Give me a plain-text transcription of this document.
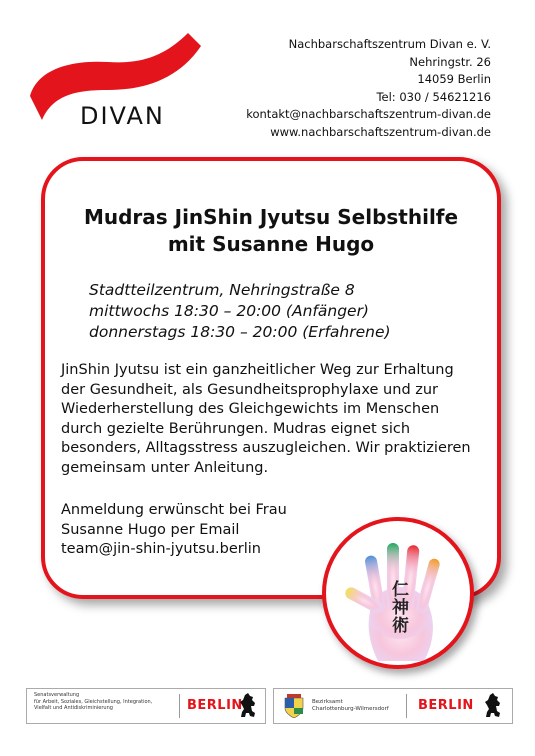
DIVAN
Nachbarschaftszentrum Divan e. V.
Nehringstr. 26
14059 Berlin
Tel: 030 / 54621216
kontakt@nachbarschaftszentrum-divan.de
www.nachbarschaftszentrum-divan.de
Mudras JinShin Jyutsu Selbsthilfe
mit Susanne Hugo
Stadtteilzentrum, Nehringstraße 8
mittwochs 18:30 – 20:00 (Anfänger)
donnerstags 18:30 – 20:00 (Erfahrene)
JinShin Jyutsu ist ein ganzheitlicher Weg zur Erhaltung
der Gesundheit, als Gesundheitsprophylaxe und zur
Wiederherstellung des Gleichgewichts im Menschen
durch gezielte Berührungen. Mudras eignet sich
besonders, Alltagsstress auszugleichen. Wir praktizieren
gemeinsam unter Anleitung.
Anmeldung erwünscht bei Frau
Susanne Hugo per Email
team@jin-shin-jyutsu.berlin
仁
神
術
Senatsverwaltung
für Arbeit, Soziales, Gleichstellung, Integration,
Vielfalt und Antidiskriminierung	BERLIN	Bezirksamt
Charlottenburg-Wilmersdorf BERLIN
